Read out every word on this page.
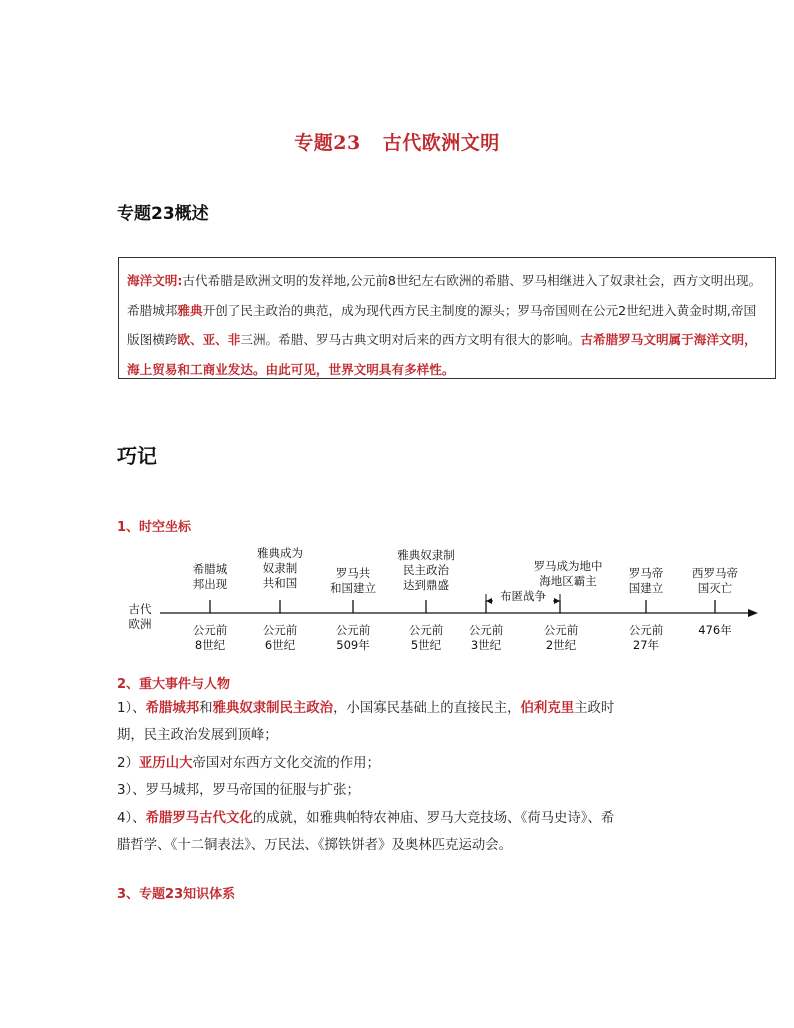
专题23 古代欧洲文明
专题23概述
海洋文明:古代希腊是欧洲文明的发祥地,公元前8世纪左右欧洲的希腊、罗马相继进入了奴隶社会，西方文明出现。希腊城邦雅典开创了民主政治的典范，成为现代西方民主制度的源头；罗马帝国则在公元2世纪进入黄金时期,帝国版图横跨欧、亚、非三洲。希腊、罗马古典文明对后来的西方文明有很大的影响。古希腊罗马文明属于海洋文明，海上贸易和工商业发达。由此可见，世界文明具有多样性。
巧记
1、时空坐标
古代
欧洲
布匿战争
希腊城
邦出现
公元前
8世纪
雅典成为
奴隶制
共和国
公元前
6世纪
罗马共
和国建立
公元前
509年
雅典奴隶制
民主政治
达到鼎盛
公元前
5世纪
公元前
3世纪
罗马成为地中
海地区霸主
公元前
2世纪
罗马帝
国建立
公元前
27年
西罗马帝
国灭亡
476年
2、重大事件与人物
1）、希腊城邦和雅典奴隶制民主政治，小国寡民基础上的直接民主，伯利克里主政时
期，民主政治发展到顶峰；
2）亚历山大帝国对东西方文化交流的作用；
3）、罗马城邦，罗马帝国的征服与扩张；
4）、希腊罗马古代文化的成就，如雅典帕特农神庙、罗马大竞技场、《荷马史诗》、希
腊哲学、《十二铜表法》、万民法、《掷铁饼者》及奥林匹克运动会。
3、专题23知识体系
